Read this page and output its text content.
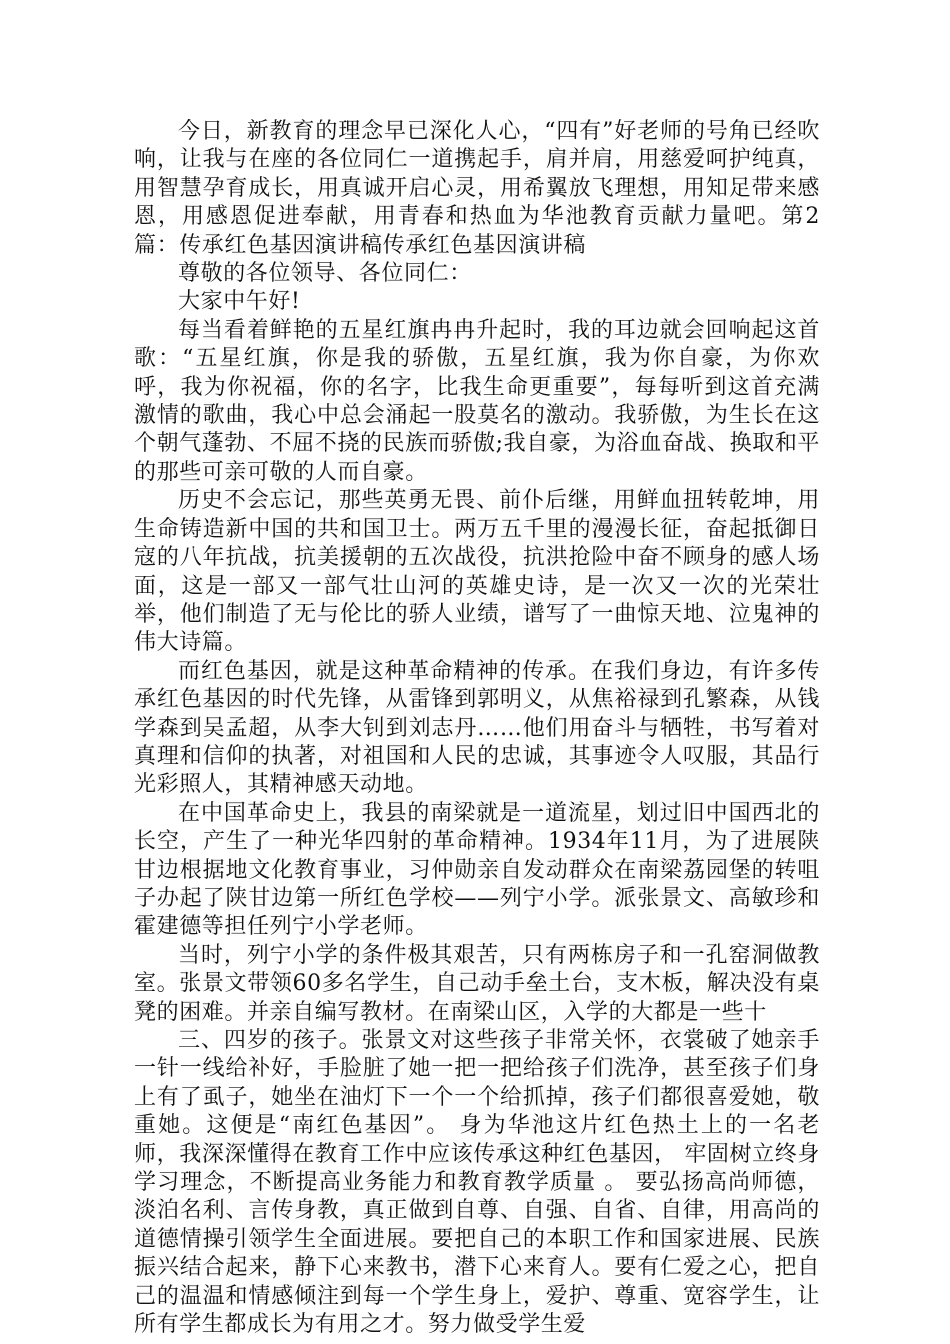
今日，新教育的理念早已深化人心，“四有”好老师的号角已经吹响，让我与在座的各位同仁一道携起手，肩并肩，用慈爱呵护纯真，用智慧孕育成长，用真诚开启心灵，用希翼放飞理想，用知足带来感恩，用感恩促进奉献，用青春和热血为华池教育贡献力量吧。第2篇：传承红色基因演讲稿传承红色基因演讲稿

尊敬的各位领导、各位同仁：

大家中午好!

每当看着鲜艳的五星红旗冉冉升起时，我的耳边就会回响起这首歌：“五星红旗，你是我的骄傲，五星红旗，我为你自豪，为你欢呼，我为你祝福，你的名字，比我生命更重要”，每每听到这首充满激情的歌曲，我心中总会涌起一股莫名的激动。我骄傲，为生长在这个朝气蓬勃、不屈不挠的民族而骄傲;我自豪，为浴血奋战、换取和平的那些可亲可敬的人而自豪。

历史不会忘记，那些英勇无畏、前仆后继，用鲜血扭转乾坤，用生命铸造新中国的共和国卫士。两万五千里的漫漫长征，奋起抵御日寇的八年抗战，抗美援朝的五次战役，抗洪抢险中奋不顾身的感人场面，这是一部又一部气壮山河的英雄史诗，是一次又一次的光荣壮举，他们制造了无与伦比的骄人业绩，谱写了一曲惊天地、泣鬼神的伟大诗篇。

而红色基因，就是这种革命精神的传承。在我们身边，有许多传承红色基因的时代先锋，从雷锋到郭明义，从焦裕禄到孔繁森，从钱学森到吴孟超，从李大钊到刘志丹……他们用奋斗与牺牲，书写着对真理和信仰的执著，对祖国和人民的忠诚，其事迹令人叹服，其品行光彩照人，其精神感天动地。

在中国革命史上，我县的南梁就是一道流星，划过旧中国西北的长空，产生了一种光华四射的革命精神。1934年11月，为了进展陕甘边根据地文化教育事业，习仲勋亲自发动群众在南梁荔园堡的转咀子办起了陕甘边第一所红色学校——列宁小学。派张景文、高敏珍和霍建德等担任列宁小学老师。

当时，列宁小学的条件极其艰苦，只有两栋房子和一孔窑洞做教室。张景文带领60多名学生，自己动手垒土台，支木板，解决没有桌凳的困难。并亲自编写教材。在南梁山区，入学的大都是一些十

三、四岁的孩子。张景文对这些孩子非常关怀，衣裳破了她亲手一针一线给补好，手脸脏了她一把一把给孩子们洗净，甚至孩子们身上有了虱子，她坐在油灯下一个一个给抓掉，孩子们都很喜爱她，敬重她。这便是“南红色基因”。 身为华池这片红色热土上的一名老师，我深深懂得在教育工作中应该传承这种红色基因， 牢固树立终身学习理念，不断提高业务能力和教育教学质量 。 要弘扬高尚师德，淡泊名利、言传身教，真正做到自尊、自强、自省、自律，用高尚的道德情操引领学生全面进展。要把自己的本职工作和国家进展、民族振兴结合起来，静下心来教书，潜下心来育人。要有仁爱之心，把自己的温温和情感倾注到每一个学生身上，爱护、尊重、宽容学生，让所有学生都成长为有用之才。努力做受学生爱
